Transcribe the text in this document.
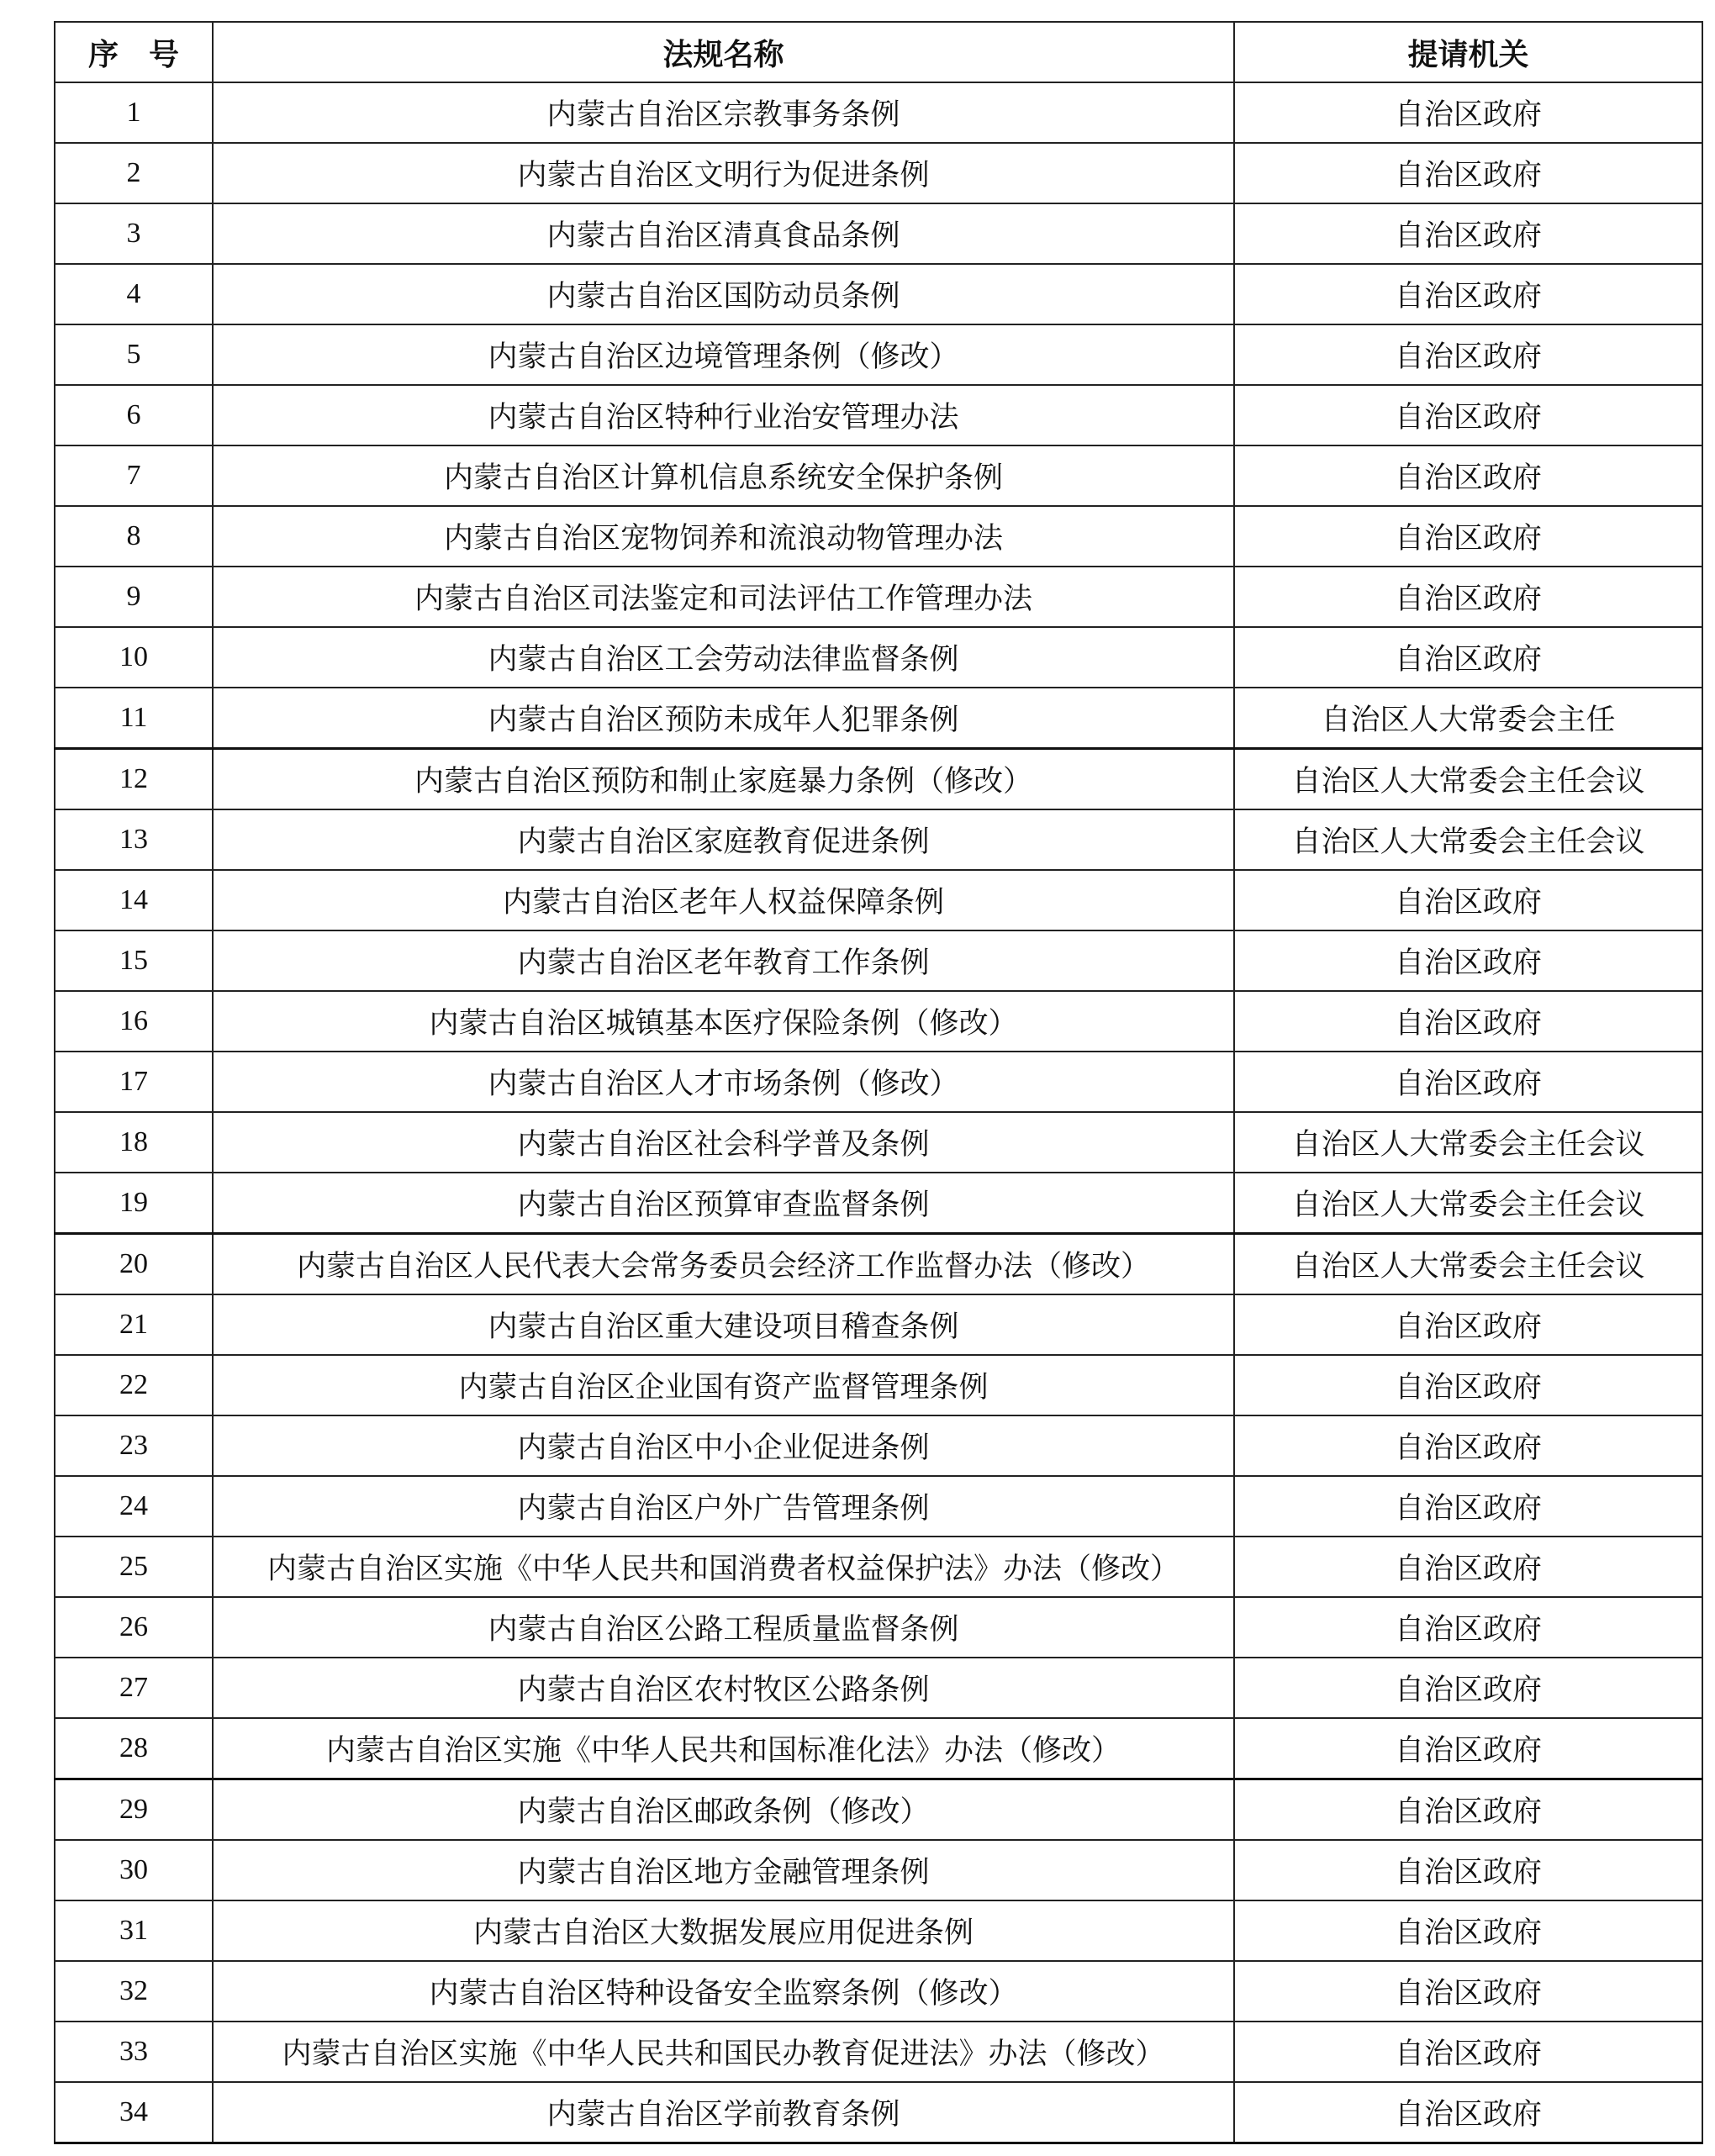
序　号	法规名称	提请机关
1	内蒙古自治区宗教事务条例	自治区政府
2	内蒙古自治区文明行为促进条例	自治区政府
3	内蒙古自治区清真食品条例	自治区政府
4	内蒙古自治区国防动员条例	自治区政府
5	内蒙古自治区边境管理条例（修改）	自治区政府
6	内蒙古自治区特种行业治安管理办法	自治区政府
7	内蒙古自治区计算机信息系统安全保护条例	自治区政府
8	内蒙古自治区宠物饲养和流浪动物管理办法	自治区政府
9	内蒙古自治区司法鉴定和司法评估工作管理办法	自治区政府
10	内蒙古自治区工会劳动法律监督条例	自治区政府
11	内蒙古自治区预防未成年人犯罪条例	自治区人大常委会主任
12	内蒙古自治区预防和制止家庭暴力条例（修改）	自治区人大常委会主任会议
13	内蒙古自治区家庭教育促进条例	自治区人大常委会主任会议
14	内蒙古自治区老年人权益保障条例	自治区政府
15	内蒙古自治区老年教育工作条例	自治区政府
16	内蒙古自治区城镇基本医疗保险条例（修改）	自治区政府
17	内蒙古自治区人才市场条例（修改）	自治区政府
18	内蒙古自治区社会科学普及条例	自治区人大常委会主任会议
19	内蒙古自治区预算审查监督条例	自治区人大常委会主任会议
20	内蒙古自治区人民代表大会常务委员会经济工作监督办法（修改）	自治区人大常委会主任会议
21	内蒙古自治区重大建设项目稽查条例	自治区政府
22	内蒙古自治区企业国有资产监督管理条例	自治区政府
23	内蒙古自治区中小企业促进条例	自治区政府
24	内蒙古自治区户外广告管理条例	自治区政府
25	内蒙古自治区实施《中华人民共和国消费者权益保护法》办法（修改）	自治区政府
26	内蒙古自治区公路工程质量监督条例	自治区政府
27	内蒙古自治区农村牧区公路条例	自治区政府
28	内蒙古自治区实施《中华人民共和国标准化法》办法（修改）	自治区政府
29	内蒙古自治区邮政条例（修改）	自治区政府
30	内蒙古自治区地方金融管理条例	自治区政府
31	内蒙古自治区大数据发展应用促进条例	自治区政府
32	内蒙古自治区特种设备安全监察条例（修改）	自治区政府
33	内蒙古自治区实施《中华人民共和国民办教育促进法》办法（修改）	自治区政府
34	内蒙古自治区学前教育条例	自治区政府
